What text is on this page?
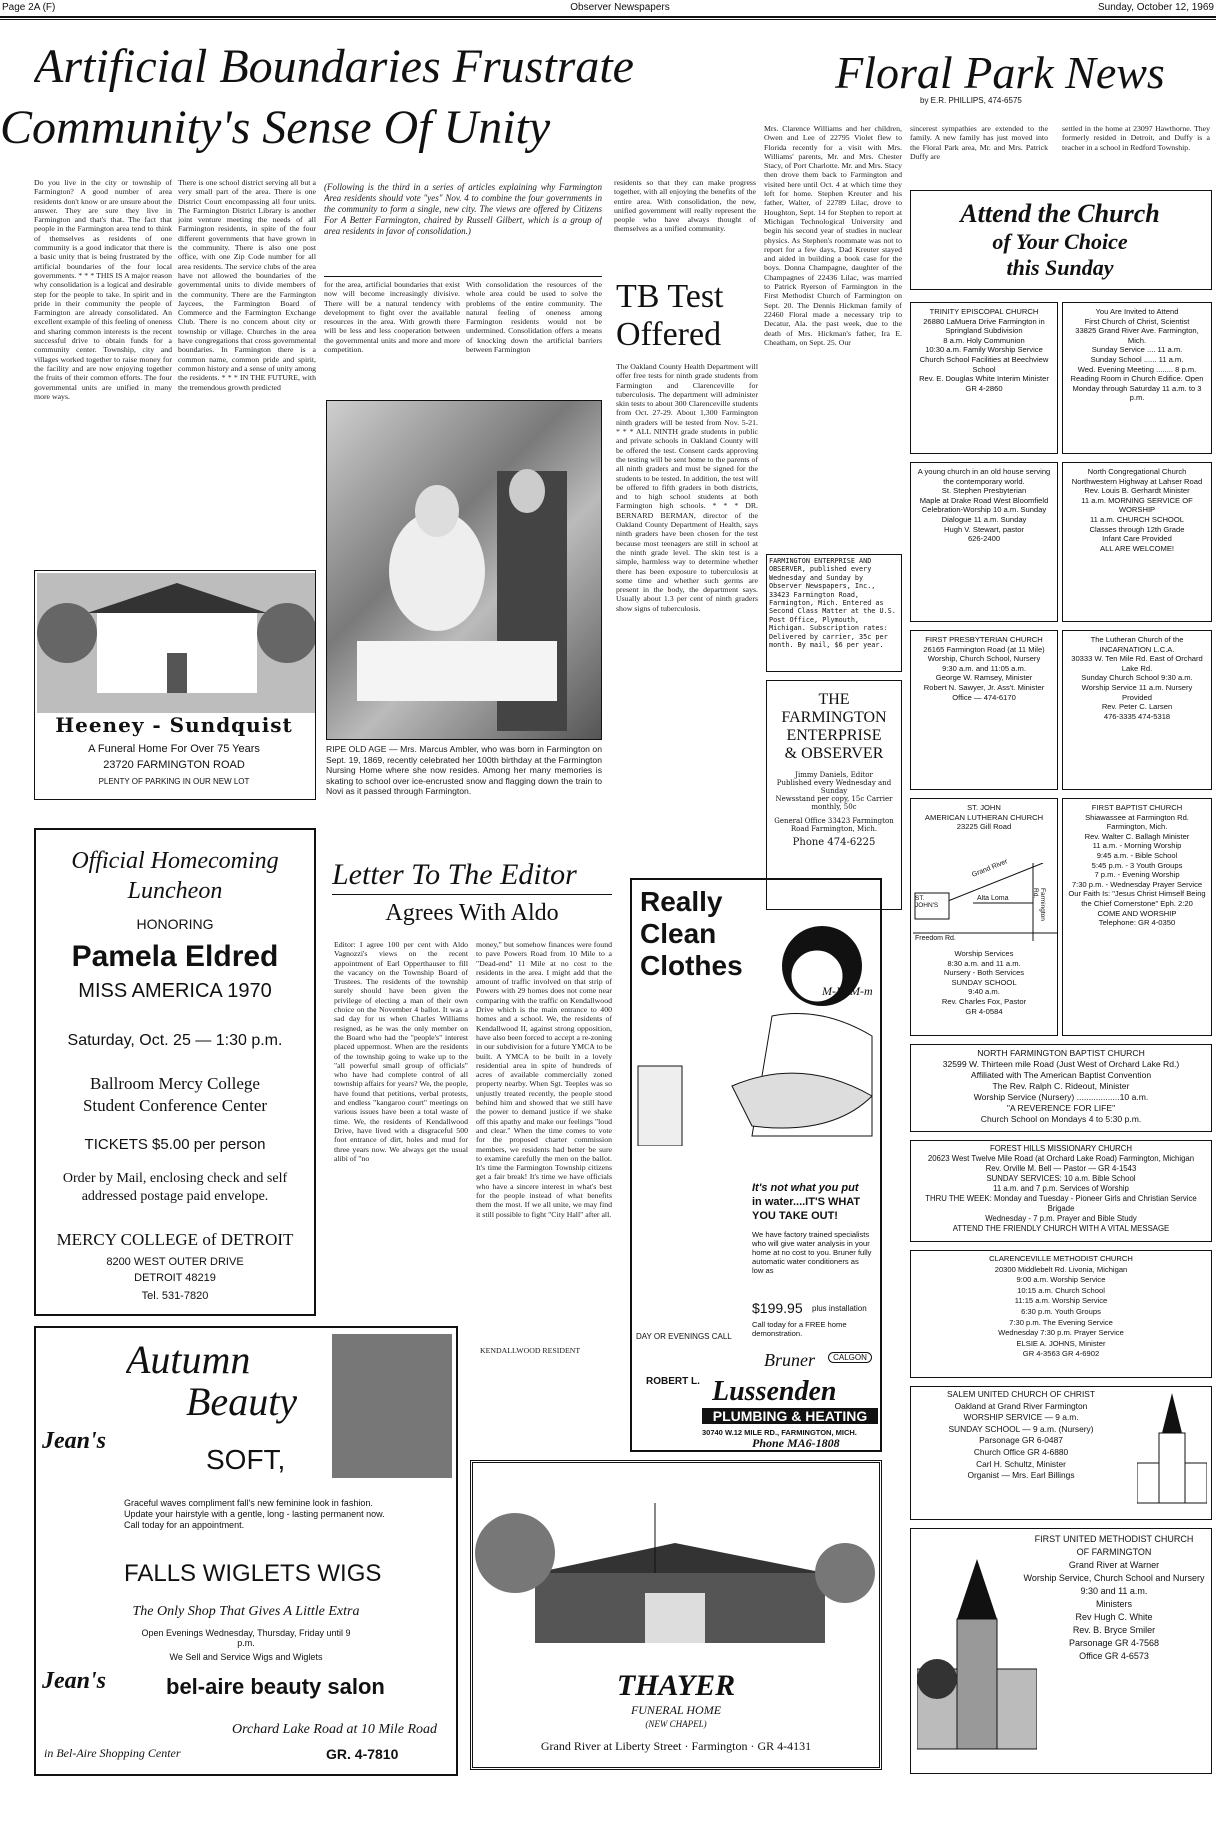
Page 2A (F)	Observer Newspapers	Sunday, October 12, 1969
Artificial Boundaries Frustrate
Community's Sense Of Unity
Floral Park News
by E.R. PHILLIPS, 474-6575
Do you live in the city or township of Farmington? A good number of area residents don't know or are unsure about the answer. They are sure they live in Farmington and that's that. The fact that people in the Farmington area tend to think of themselves as residents of one community is a good indicator that there is a basic unity that is being frustrated by the artificial boundaries of the four local governments. * * * THIS IS A major reason why consolidation is a logical and desirable step for the people to take. In spirit and in pride in their community the people of Farmington are already consolidated. An excellent example of this feeling of oneness and sharing common interests is the recent successful drive to obtain funds for a community center. Township, city and villages worked together to raise money for the facility and are now enjoying together the fruits of their common efforts. The four governmental units are unified in many more ways.
There is one school district serving all but a very small part of the area. There is one District Court encompassing all four units. The Farmington District Library is another joint venture meeting the needs of all Farmington residents, in spite of the four different governments that have grown in the community. There is also one post office, with one Zip Code number for all area residents. The service clubs of the area have not allowed the boundaries of the governmental units to divide members of the community. There are the Farmington Jaycees, the Farmington Board of Commerce and the Farmington Exchange Club. There is no concern about city or township or village. Churches in the area have congregations that cross governmental boundaries. In Farmington there is a common name, common pride and spirit, common history and a sense of unity among the residents. * * * IN THE FUTURE, with the tremendous growth predicted
(Following is the third in a series of articles explaining why Farmington Area residents should vote "yes" Nov. 4 to combine the four governments in the community to form a single, new city. The views are offered by Citizens For A Better Farmington, chaired by Russell Gilbert, which is a group of area residents in favor of consolidation.)
for the area, artificial boundaries that exist now will become increasingly divisive. There will be a natural tendency with development to fight over the available resources in the area. With growth there will be less and less cooperation between the governmental units and more and more competition.
With consolidation the resources of the whole area could be used to solve the problems of the entire community. The natural feeling of oneness among Farmington residents would not be undermined. Consolidation offers a means of knocking down the artificial barriers between Farmington
residents so that they can make progress together, with all enjoying the benefits of the entire area. With consolidation, the new, unified government will really represent the people who have always thought of themselves as a unified community.
RIPE OLD AGE — Mrs. Marcus Ambler, who was born in Farmington on Sept. 19, 1869, recently celebrated her 100th birthday at the Farmington Nursing Home where she now resides. Among her many memories is skating to school over ice-encrusted snow and flagging down the train to Novi as it passed through Farmington.
TB Test Offered
The Oakland County Health Department will offer free tests for ninth grade students from Farmington and Clarenceville for tuberculosis. The department will administer skin tests to about 300 Clarenceville students from Oct. 27-29. About 1,300 Farmington ninth graders will be tested from Nov. 5-21. * * * ALL NINTH grade students in public and private schools in Oakland County will be offered the test. Consent cards approving the testing will be sent home to the parents of all ninth graders and must be signed for the students to be tested. In addition, the test will be offered to fifth graders in both districts, and to high school students at both Farmington high schools. * * * DR. BERNARD BERMAN, director of the Oakland County Department of Health, says ninth graders have been chosen for the test because most teenagers are still in school at the ninth grade level. The skin test is a simple, harmless way to determine whether there has been exposure to tuberculosis at some time and whether such germs are present in the body, the department says. Usually about 1.3 per cent of ninth graders show signs of tuberculosis.
Heeney - Sundquist
A Funeral Home For Over 75 Years
23720 FARMINGTON ROAD
PLENTY OF PARKING IN OUR NEW LOT
Official Homecoming
Luncheon
HONORING
Pamela Eldred
MISS AMERICA 1970
Saturday, Oct. 25 — 1:30 p.m.
Ballroom Mercy College
Student Conference Center
TICKETS $5.00 per person
Order by Mail, enclosing check and self addressed postage paid envelope.
MERCY COLLEGE of DETROIT
8200 WEST OUTER DRIVE
DETROIT 48219
Tel. 531-7820
Letter To The Editor
Agrees With Aldo
Editor: I agree 100 per cent with Aldo Vagnozzi's views on the recent appointment of Earl Opperthauser to fill the vacancy on the Township Board of Trustees. The residents of the township surely should have been given the privilege of electing a man of their own choice on the November 4 ballot. It was a sad day for us when Charles Williams resigned, as he was the only member on the Board who had the "people's" interest placed uppermost. When are the residents of the township going to wake up to the "all powerful small group of officials" who have had complete control of all township affairs for years? We, the people, have found that petitions, verbal protests, and endless "kangaroo court" meetings on various issues have been a total waste of time. We, the residents of Kendallwood Drive, have lived with a disgraceful 500 foot entrance of dirt, holes and mud for three years now. We always get the usual alibi of "no
money," but somehow finances were found to pave Powers Road from 10 Mile to a "Dead-end" 11 Mile at no cost to the residents in the area. I might add that the amount of traffic involved on that strip of Powers with 29 homes does not come near comparing with the traffic on Kendallwood Drive which is the main entrance to 400 homes and a school. We, the residents of Kendallwood II, against strong opposition, have also been forced to accept a re-zoning in our subdivision for a future YMCA to be built. A YMCA to be built in a lovely residential area in spite of hundreds of acres of available commercially zoned property nearby. When Sgt. Teeples was so unjustly treated recently, the people stood behind him and showed that we still have the power to demand justice if we shake off this apathy and make our feelings "loud and clear." When the time comes to vote for the proposed charter commission members, we residents had better be sure to examine carefully the men on the ballot. It's time the Farmington Township citizens get a fair break! It's time we have officials who have a sincere interest in what's best for the people instead of what benefits them the most. If we all unite, we may find it still possible to fight "City Hall" after all.
KENDALLWOOD RESIDENT
Really Clean Clothes
M-M-M-m
It's not what you put
in water....IT'S WHAT
YOU TAKE OUT!
We have factory trained specialists who will give water analysis in your home at no cost to you. Bruner fully automatic water conditioners as low as
$199.95 plus installation
Call today for a FREE home demonstration.
DAY OR EVENINGS CALL
Bruner	CALGON
ROBERT L. Lussenden
PLUMBING & HEATING
30740 W.12 MILE RD., FARMINGTON, MICH.
Phone MA6-1808
Autumn
Beauty
Jean's
SOFT,
Graceful waves compliment fall's new feminine look in fashion. Update your hairstyle with a gentle, long - lasting permanent now. Call today for an appointment.
FALLS WIGLETS WIGS
The Only Shop That Gives A Little Extra
Open Evenings Wednesday, Thursday, Friday until 9 p.m.
We Sell and Service Wigs and Wiglets
Jean's	bel-aire beauty salon
Orchard Lake Road at 10 Mile Road
in Bel-Aire Shopping Center	GR. 4-7810
THAYER
FUNERAL HOME
(NEW CHAPEL)
Grand River at Liberty Street · Farmington · GR 4-4131
Mrs. Clarence Williams and her children, Owen and Lee of 22795 Violet flew to Florida recently for a visit with Mrs. Williams' parents, Mr. and Mrs. Chester Stacy, of Port Charlotte. Mr. and Mrs. Stacy then drove them back to Farmington and visited here until Oct. 4 at which time they left for home. Stephen Kreuter and his father, Walter, of 22789 Lilac, drove to Houghton, Sept. 14 for Stephen to report at Michigan Technological University and begin his second year of studies in nuclear physics. As Stephen's roommate was not to report for a few days, Dad Kreuter stayed and aided in building a book case for the boys. Donna Champagne, daughter of the Champagnes of 22436 Lilac, was married to Patrick Ryerson of Farmington in the First Methodist Church of Farmington on Sept. 20. The Dennis Hickman family of 22460 Floral made a necessary trip to Decatur, Ala. the past week, due to the death of Mrs. Hickman's father, Ira E. Cheatham, on Sept. 25. Our
sincerest sympathies are extended to the family. A new family has just moved into the Floral Park area, Mr. and Mrs. Patrick Duffy are
settled in the home at 23097 Hawthorne. They formerly resided in Detroit, and Duffy is a teacher in a school in Redford Township.
FARMINGTON ENTERPRISE AND OBSERVER, published every Wednesday and Sunday by Observer Newspapers, Inc., 33423 Farmington Road, Farmington, Mich. Entered as Second Class Matter at the U.S. Post Office, Plymouth, Michigan. Subscription rates: Delivered by carrier, 35c per month. By mail, $6 per year.
THE
FARMINGTON
ENTERPRISE
& OBSERVER
Jimmy Daniels, Editor
Published every Wednesday and Sunday
Newsstand per copy, 15c Carrier monthly, 50c
General Office 33423 Farmington Road Farmington, Mich.
Phone 474-6225
Attend the Church
of Your Choice
this Sunday
TRINITY EPISCOPAL CHURCH
26880 LaMuera Drive Farmington in Springland Subdivision
8 a.m. Holy Communion
10:30 a.m. Family Worship Service
Church School Facilities at Beechview School
Rev. E. Douglas White Interim Minister
GR 4-2860
You Are Invited to Attend
First Church of Christ, Scientist
33825 Grand River Ave. Farmington, Mich.
Sunday Service .... 11 a.m.
Sunday School ...... 11 a.m.
Wed. Evening Meeting ........ 8 p.m.
Reading Room in Church Edifice. Open Monday through Saturday 11 a.m. to 3 p.m.
A young church in an old house serving the contemporary world.
St. Stephen Presbyterian
Maple at Drake Road West Bloomfield
Celebration-Worship 10 a.m. Sunday
Dialogue 11 a.m. Sunday
Hugh V. Stewart, pastor
626-2400
North Congregational Church
Northwestern Highway at Lahser Road
Rev. Louis B. Gerhardt Minister
11 a.m. MORNING SERVICE OF WORSHIP
11 a.m. CHURCH SCHOOL
Classes through 12th Grade
Infant Care Provided
ALL ARE WELCOME!
FIRST PRESBYTERIAN CHURCH
26165 Farmington Road (at 11 Mile)
Worship, Church School, Nursery
9:30 a.m. and 11:05 a.m.
George W. Ramsey, Minister
Robert N. Sawyer, Jr. Ass't. Minister
Office — 474-6170
The Lutheran Church of the INCARNATION L.C.A.
30333 W. Ten Mile Rd. East of Orchard Lake Rd.
Sunday Church School 9:30 a.m.
Worship Service 11 a.m. Nursery Provided
Rev. Peter C. Larsen
476-3335 474-5318
ST. JOHN
AMERICAN LUTHERAN CHURCH
23225 Gill Road
Grand River
ST. JOHN'S
Alta Loma	Farmington Rd.
Freedom Rd.
Worship Services
8:30 a.m. and 11 a.m.
Nursery - Both Services
SUNDAY SCHOOL
9:40 a.m.
Rev. Charles Fox, Pastor
GR 4-0584
FIRST BAPTIST CHURCH
Shiawassee at Farmington Rd. Farmington, Mich.
Rev. Walter C. Ballagh Minister
11 a.m. - Morning Worship
9:45 a.m. - Bible School
5:45 p.m. - 3 Youth Groups
7 p.m. - Evening Worship
7:30 p.m. - Wednesday Prayer Service
Our Faith Is: "Jesus Christ Himself Being the Chief Cornerstone" Eph. 2:20
COME AND WORSHIP
Telephone: GR 4-0350
NORTH FARMINGTON BAPTIST CHURCH
32599 W. Thirteen mile Road (Just West of Orchard Lake Rd.)
Affiliated with The American Baptist Convention
The Rev. Ralph C. Rideout, Minister
Worship Service (Nursery) ..................10 a.m.
"A REVERENCE FOR LIFE"
Church School on Mondays 4 to 5:30 p.m.
FOREST HILLS MISSIONARY CHURCH
20623 West Twelve Mile Road (at Orchard Lake Road) Farmington, Michigan
Rev. Orville M. Bell — Pastor — GR 4-1543
SUNDAY SERVICES: 10 a.m. Bible School
11 a.m. and 7 p.m. Services of Worship
THRU THE WEEK: Monday and Tuesday - Pioneer Girls and Christian Service Brigade
Wednesday - 7 p.m. Prayer and Bible Study
ATTEND THE FRIENDLY CHURCH WITH A VITAL MESSAGE
CLARENCEVILLE METHODIST CHURCH
20300 Middlebelt Rd. Livonia, Michigan
9:00 a.m. Worship Service
10:15 a.m. Church School
11:15 a.m. Worship Service
6:30 p.m. Youth Groups
7:30 p.m. The Evening Service
Wednesday 7:30 p.m. Prayer Service
ELSIE A. JOHNS, Minister
GR 4-3563 GR 4-6902
SALEM UNITED CHURCH OF CHRIST
Oakland at Grand River Farmington
WORSHIP SERVICE — 9 a.m.
SUNDAY SCHOOL — 9 a.m. (Nursery)
Parsonage GR 6-0487
Church Office GR 4-6880
Carl H. Schultz, Minister
Organist — Mrs. Earl Billings
FIRST UNITED METHODIST CHURCH
OF FARMINGTON
Grand River at Warner
Worship Service, Church School and Nursery
9:30 and 11 a.m.
Ministers
Rev Hugh C. White
Rev. B. Bryce Smiler
Parsonage GR 4-7568
Office GR 4-6573
